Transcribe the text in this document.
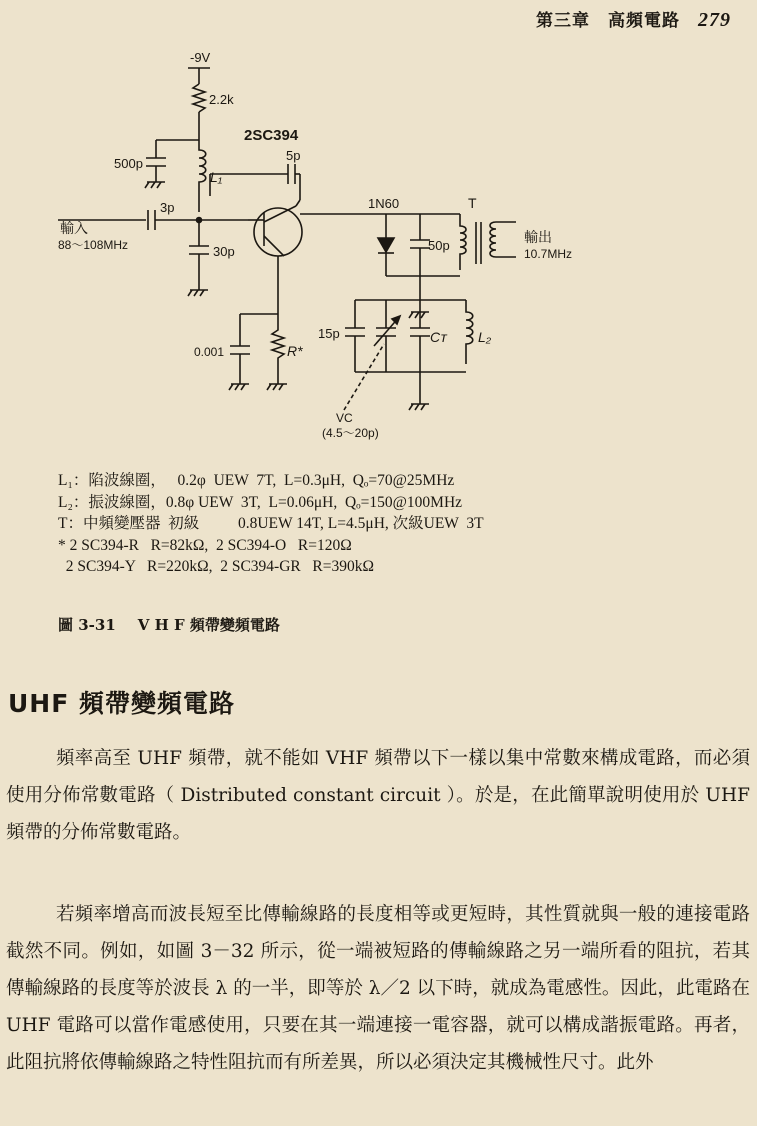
第三章　高頻電路 279
-9V
2.2k
500p
L₁
3p
輸入
88～108MHz	30p
2SC394
5p
1N60
50p
T
輸出
10.7MHz
15p	Cᴛ L₂
VC
(4.5～20p)
0.001	R*
L₁：陷波線圈，　 0.2φ  UEW  7T,  L=0.3μH,  Qₒ=70@25MHz
L₂：振波線圈，0.8φ UEW  3T,  L=0.06μH,  Qₒ=150@100MHz
T：中頻變壓器  初級          0.8UEW 14T, L=4.5μH, 次級UEW  3T
* 2 SC394-R   R=82kΩ,  2 SC394-O   R=120Ω
2 SC394-Y   R=220kΩ,  2 SC394-GR   R=390kΩ
圖 3-31 V H F 頻帶變頻電路
UHF 頻帶變頻電路

頻率高至 UHF 頻帶，就不能如 VHF 頻帶以下一樣以集中常數來構成電路，而必須使用分佈常數電路（ Distributed constant circuit ）。於是，在此簡單說明使用於 UHF 頻帶的分佈常數電路。

若頻率增高而波長短至比傳輸線路的長度相等或更短時，其性質就與一般的連接電路截然不同。例如，如圖 3－32 所示，從一端被短路的傳輸線路之另一端所看的阻抗，若其傳輸線路的長度等於波長 λ 的一半，即等於 λ／2 以下時，就成為電感性。因此，此電路在 UHF 電路可以當作電感使用，只要在其一端連接一電容器，就可以構成諧振電路。再者，此阻抗將依傳輸線路之特性阻抗而有所差異，所以必須決定其機械性尺寸。此外
